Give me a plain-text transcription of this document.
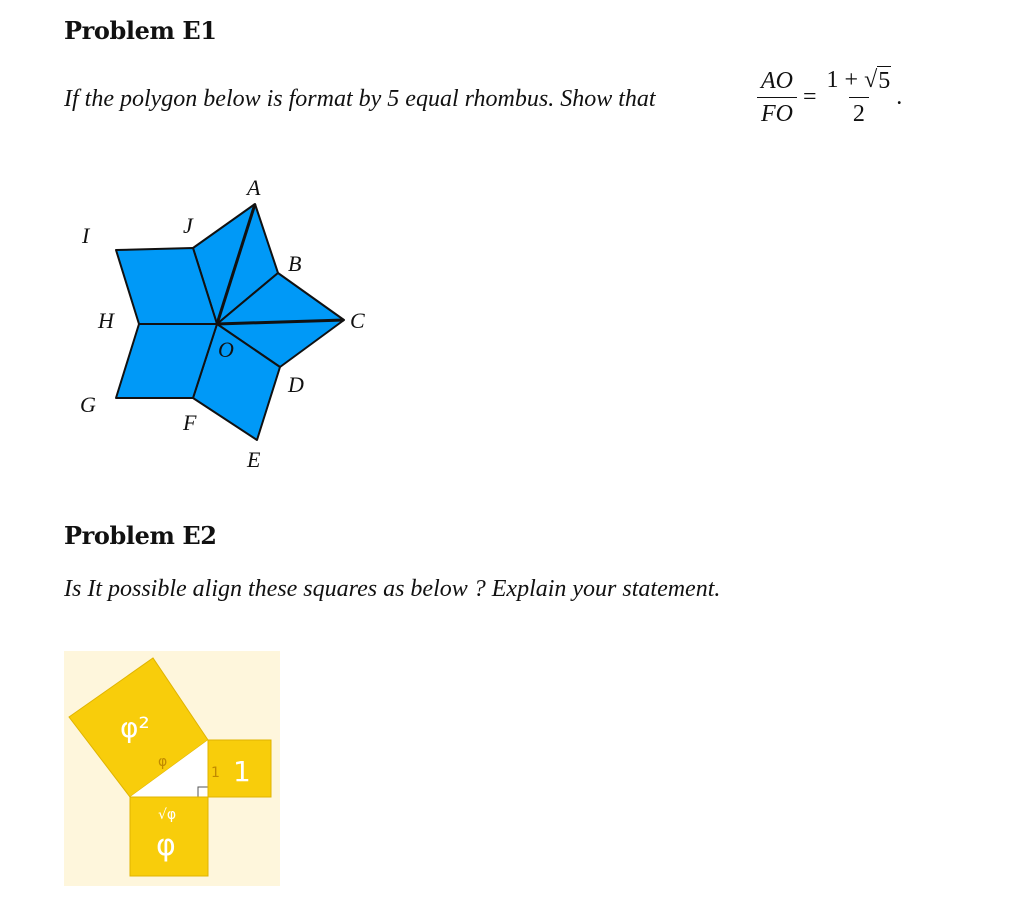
Problem E1
If the polygon below is format by 5 equal rhombus. Show that	$\frac{AO}{FO} = \frac{1 + √ 5}{2}$ .
A
B
C
D
E
F
G
H
I	J
O
Problem E2
Is It possible align these squares as below ? Explain your statement.
φ²
φ
1 1
√φ
φ
